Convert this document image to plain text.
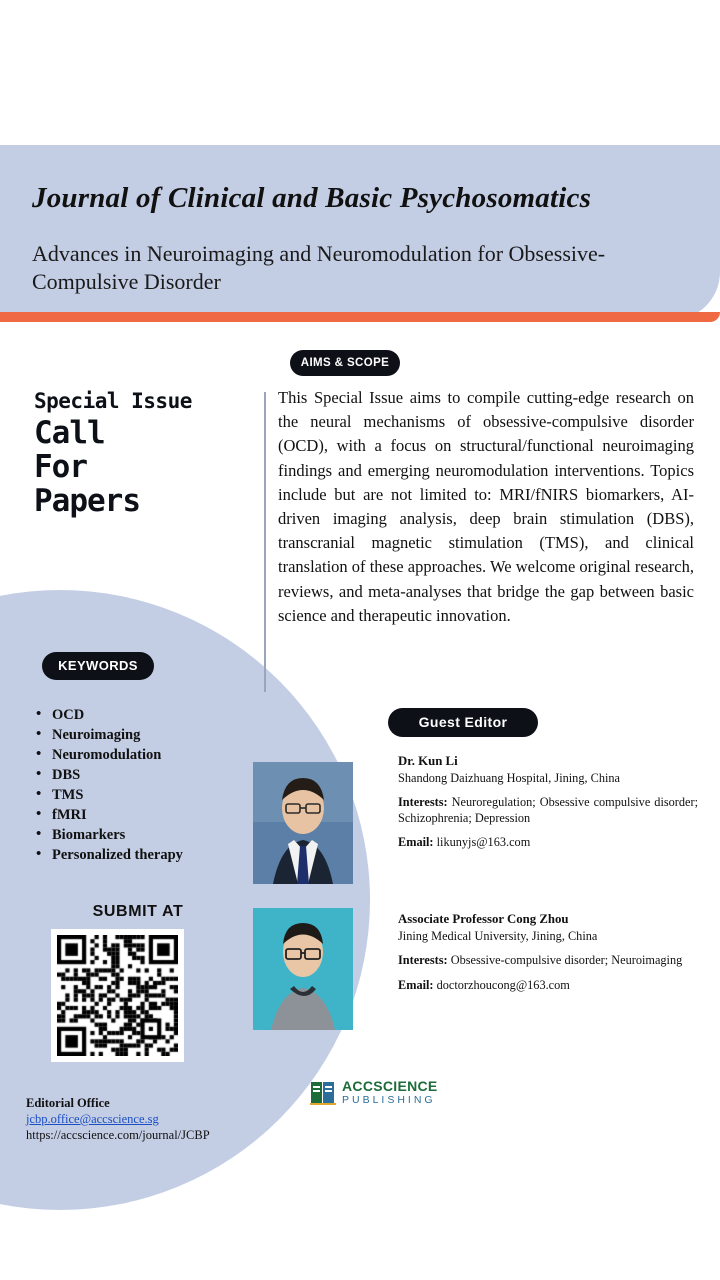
Journal of Clinical and Basic Psychosomatics
Advances in Neuroimaging and Neuromodulation for Obsessive-Compulsive Disorder
AIMS & SCOPE
Special Issue
Call
For
Papers
This Special Issue aims to compile cutting-edge research on the neural mechanisms of obsessive-compulsive disorder (OCD), with a focus on structural/functional neuroimaging findings and emerging neuromodulation interventions. Topics include but are not limited to: MRI/fNIRS biomarkers, AI-driven imaging analysis, deep brain stimulation (DBS), transcranial magnetic stimulation (TMS), and clinical translation of these approaches. We welcome original research, reviews, and meta-analyses that bridge the gap between basic science and therapeutic innovation.
KEYWORDS
• OCD
• Neuroimaging
• Neuromodulation
• DBS
• TMS
• fMRI
• Biomarkers
• Personalized therapy
SUBMIT AT
Editorial Office
jcbp.office@accscience.sg
https://accscience.com/journal/JCBP
Guest Editor
Dr. Kun Li
Shandong Daizhuang Hospital, Jining, China
Interests: Neuroregulation; Obsessive compulsive disorder; Schizophrenia; Depression
Email: likunyjs@163.com
Associate Professor Cong Zhou
Jining Medical University, Jining, China
Interests: Obsessive-compulsive disorder; Neuroimaging
Email: doctorzhoucong@163.com
ACCSCIENCE
PUBLISHING
